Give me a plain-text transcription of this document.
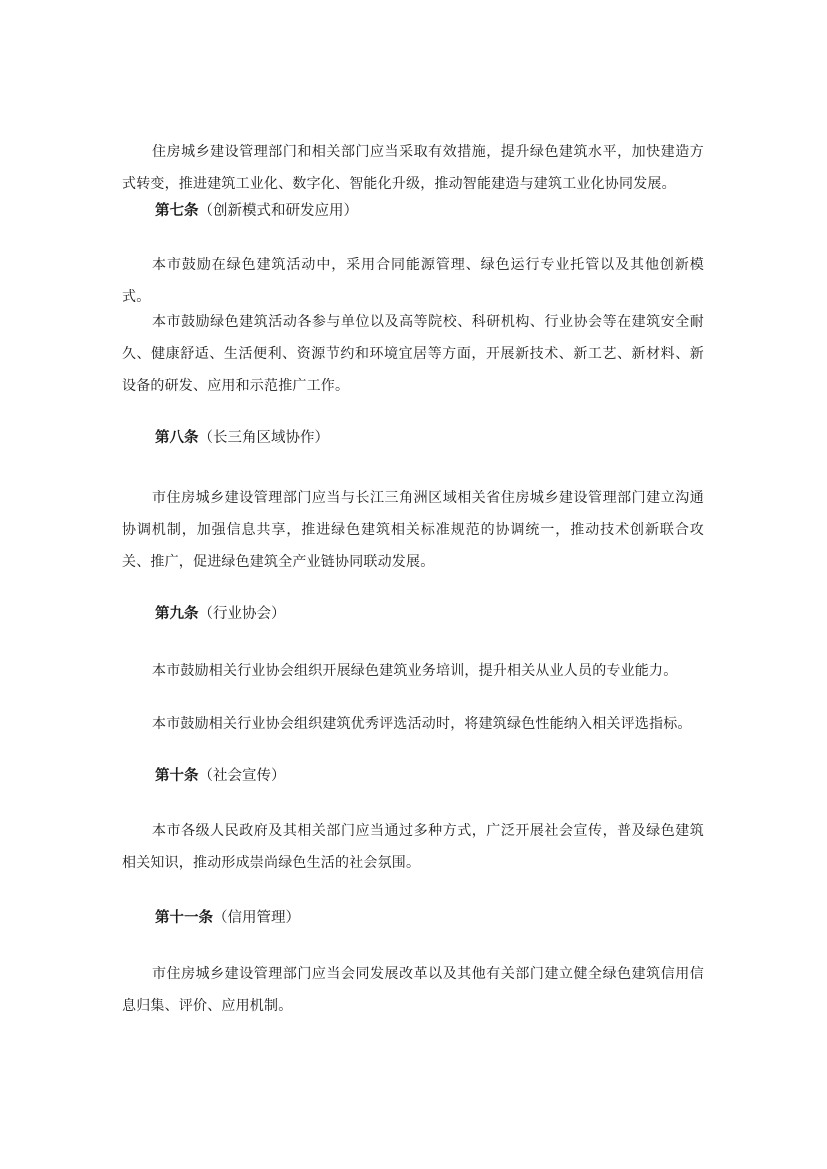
住房城乡建设管理部门和相关部门应当采取有效措施，提升绿色建筑水平，加快建造方式转变，推进建筑工业化、数字化、智能化升级，推动智能建造与建筑工业化协同发展。

第七条（创新模式和研发应用）

本市鼓励在绿色建筑活动中，采用合同能源管理、绿色运行专业托管以及其他创新模式。

本市鼓励绿色建筑活动各参与单位以及高等院校、科研机构、行业协会等在建筑安全耐久、健康舒适、生活便利、资源节约和环境宜居等方面，开展新技术、新工艺、新材料、新设备的研发、应用和示范推广工作。

第八条（长三角区域协作）

市住房城乡建设管理部门应当与长江三角洲区域相关省住房城乡建设管理部门建立沟通协调机制，加强信息共享，推进绿色建筑相关标准规范的协调统一，推动技术创新联合攻关、推广，促进绿色建筑全产业链协同联动发展。

第九条（行业协会）

本市鼓励相关行业协会组织开展绿色建筑业务培训，提升相关从业人员的专业能力。

本市鼓励相关行业协会组织建筑优秀评选活动时，将建筑绿色性能纳入相关评选指标。

第十条（社会宣传）

本市各级人民政府及其相关部门应当通过多种方式，广泛开展社会宣传，普及绿色建筑相关知识，推动形成崇尚绿色生活的社会氛围。

第十一条（信用管理）

市住房城乡建设管理部门应当会同发展改革以及其他有关部门建立健全绿色建筑信用信息归集、评价、应用机制。
